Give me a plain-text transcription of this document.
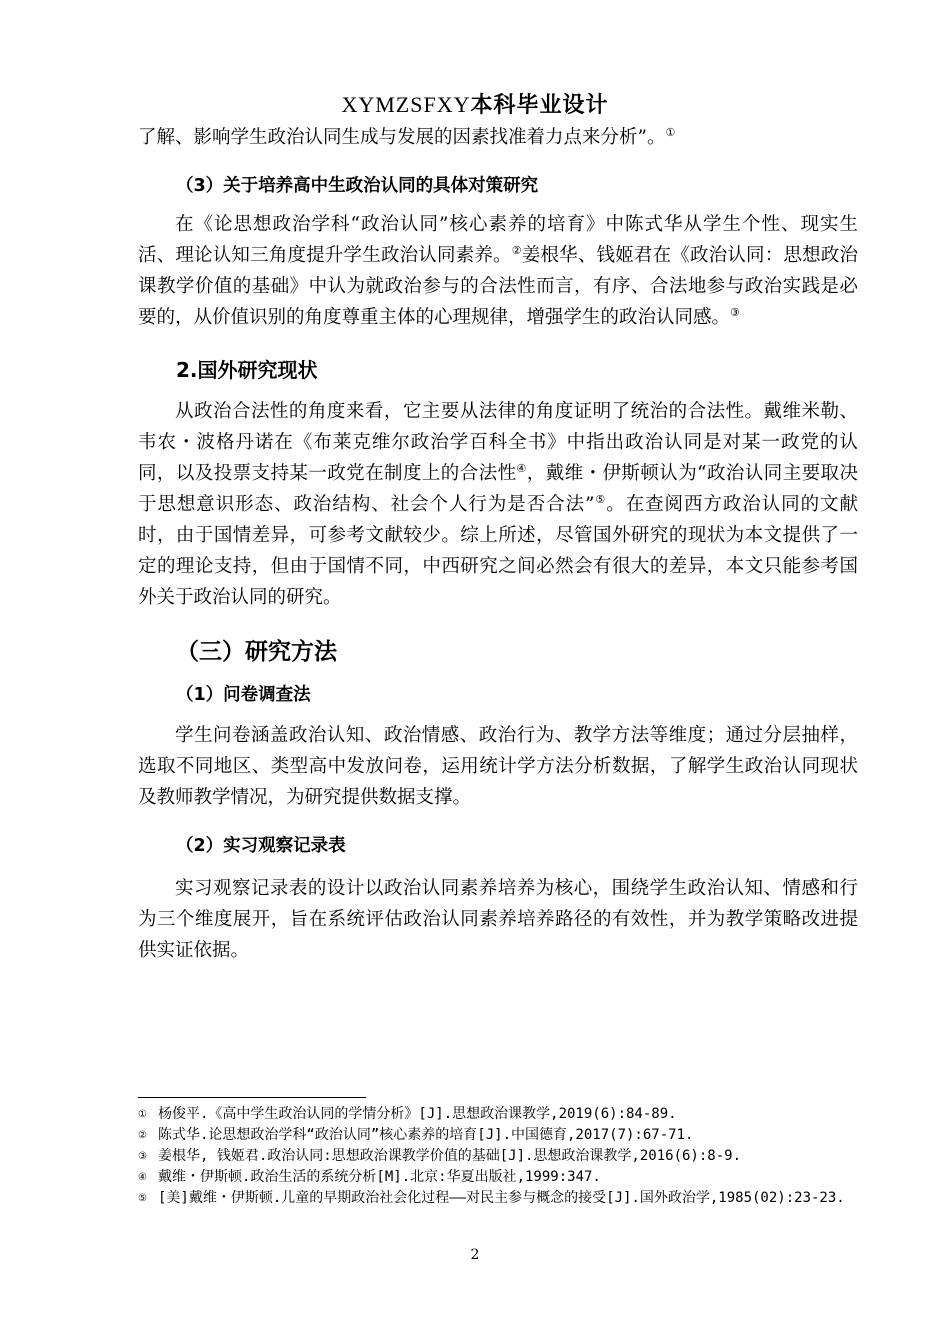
XYMZSFXY本科毕业设计
了解、影响学生政治认同生成与发展的因素找准着力点来分析”。①
（3）关于培养高中生政治认同的具体对策研究
在《论思想政治学科“政治认同”核心素养的培育》中陈式华从学生个性、现实生活、理论认知三角度提升学生政治认同素养。②姜根华、钱姬君在《政治认同：思想政治课教学价值的基础》中认为就政治参与的合法性而言，有序、合法地参与政治实践是必要的，从价值识别的角度尊重主体的心理规律，增强学生的政治认同感。③
2.国外研究现状
从政治合法性的角度来看，它主要从法律的角度证明了统治的合法性。戴维米勒、韦农・波格丹诺在《布莱克维尔政治学百科全书》中指出政治认同是对某一政党的认同，以及投票支持某一政党在制度上的合法性④，戴维・伊斯顿认为“政治认同主要取决于思想意识形态、政治结构、社会个人行为是否合法”⑤。在查阅西方政治认同的文献时，由于国情差异，可参考文献较少。综上所述，尽管国外研究的现状为本文提供了一定的理论支持，但由于国情不同，中西研究之间必然会有很大的差异，本文只能参考国外关于政治认同的研究。
（三）研究方法
（1）问卷调查法
学生问卷涵盖政治认知、政治情感、政治行为、教学方法等维度；通过分层抽样，选取不同地区、类型高中发放问卷，运用统计学方法分析数据，了解学生政治认同现状及教师教学情况，为研究提供数据支撑。
（2）实习观察记录表
实习观察记录表的设计以政治认同素养培养为核心，围绕学生政治认知、情感和行为三个维度展开，旨在系统评估政治认同素养培养路径的有效性，并为教学策略改进提供实证依据。
① 杨俊平.《高中学生政治认同的学情分析》[J].思想政治课教学,2019(6):84-89.
② 陈式华.论思想政治学科“政治认同”核心素养的培育[J].中国德育,2017(7):67-71.
③ 姜根华, 钱姬君.政治认同:思想政治课教学价值的基础[J].思想政治课教学,2016(6):8-9.
④ 戴维・伊斯顿.政治生活的系统分析[M].北京:华夏出版社,1999:347.
⑤ [美]戴维・伊斯顿.儿童的早期政治社会化过程——对民主参与概念的接受[J].国外政治学,1985(02):23-23.
2
